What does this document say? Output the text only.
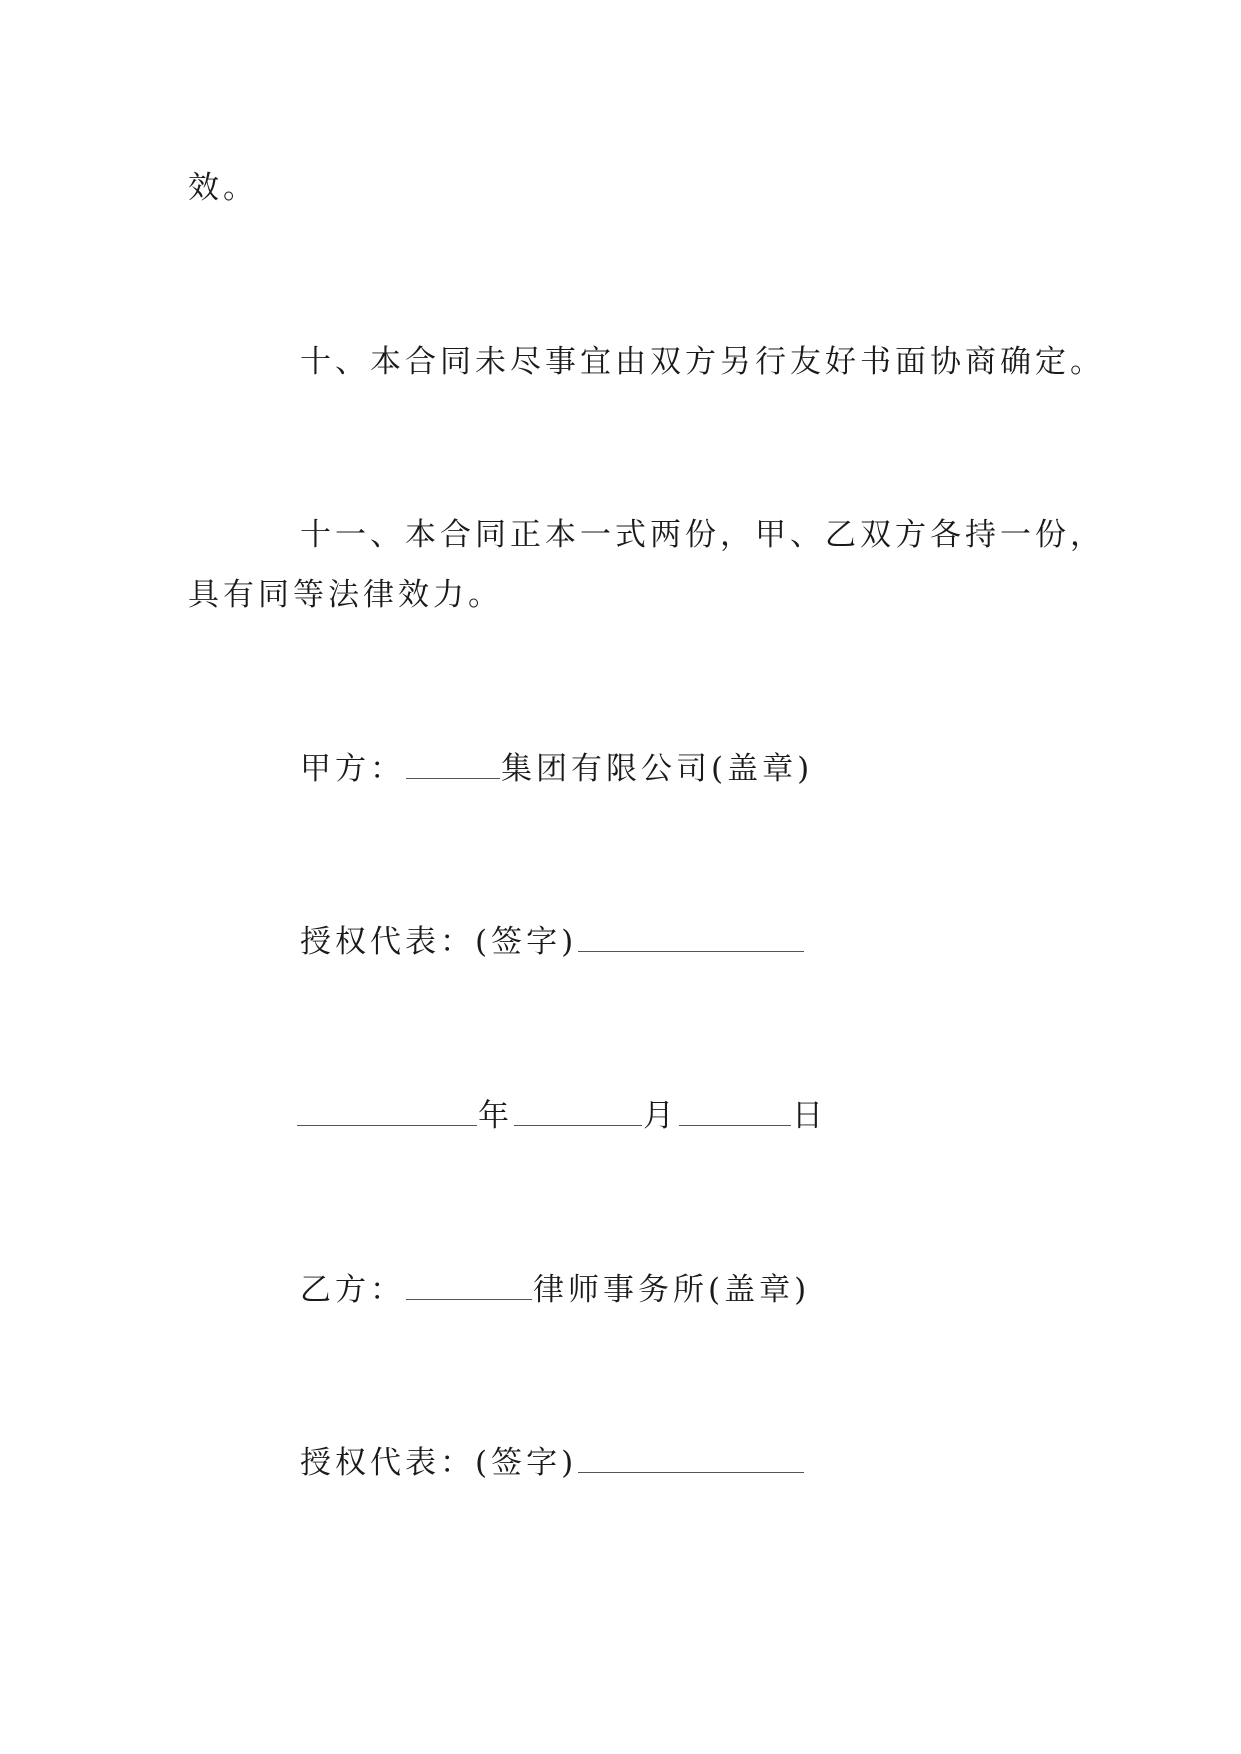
效。

十、本合同未尽事宜由双方另行友好书面协商确定。

十一、本合同正本一式两份，甲、乙双方各持一份，

具有同等法律效力。

甲方：	集团有限公司(盖章)

授权代表：(签字)

年	月	日

乙方：	律师事务所(盖章)

授权代表：(签字)
